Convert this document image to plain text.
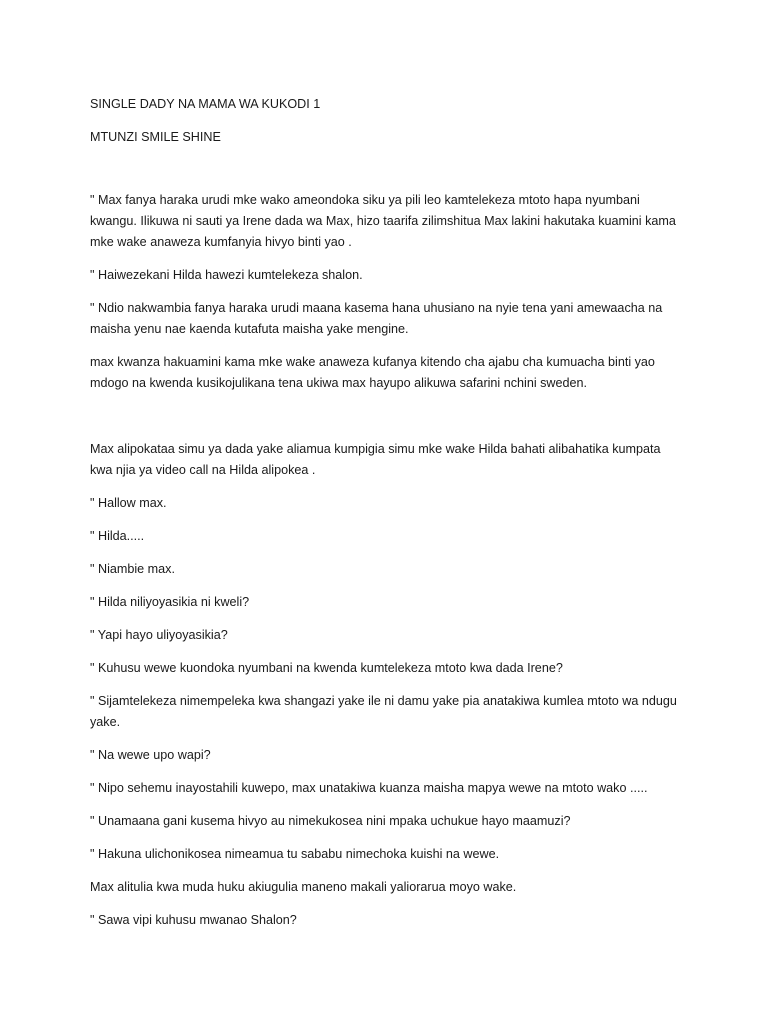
SINGLE DADY NA MAMA WA KUKODI 1

MTUNZI SMILE SHINE

" Max fanya haraka urudi mke wako ameondoka siku ya pili leo kamtelekeza mtoto hapa nyumbani kwangu. Ilikuwa ni sauti ya Irene dada wa Max, hizo taarifa zilimshitua Max lakini hakutaka kuamini kama mke wake anaweza kumfanyia hivyo binti yao .

" Haiwezekani Hilda hawezi kumtelekeza shalon.

" Ndio nakwambia fanya haraka urudi maana kasema hana uhusiano na nyie tena yani amewaacha na maisha yenu nae kaenda kutafuta maisha yake mengine.

max kwanza hakuamini kama mke wake anaweza kufanya kitendo cha ajabu cha kumuacha binti yao mdogo na kwenda kusikojulikana tena ukiwa max hayupo alikuwa safarini nchini sweden.

Max alipokataa simu ya dada yake aliamua kumpigia simu mke wake Hilda bahati alibahatika kumpata kwa njia ya video call na Hilda alipokea .

" Hallow max.

" Hilda.....

" Niambie max.

" Hilda niliyoyasikia ni kweli?

" Yapi hayo uliyoyasikia?

" Kuhusu wewe kuondoka nyumbani na kwenda kumtelekeza mtoto kwa dada Irene?

" Sijamtelekeza nimempeleka kwa shangazi yake ile ni damu yake pia anatakiwa kumlea mtoto wa ndugu yake.

" Na wewe upo wapi?

" Nipo sehemu inayostahili kuwepo, max unatakiwa kuanza maisha mapya wewe na mtoto wako .....

" Unamaana gani kusema hivyo au nimekukosea nini mpaka uchukue hayo maamuzi?

" Hakuna ulichonikosea nimeamua tu sababu nimechoka kuishi na wewe.

Max alitulia kwa muda huku akiugulia maneno makali yaliorarua moyo wake.

" Sawa vipi kuhusu mwanao Shalon?
